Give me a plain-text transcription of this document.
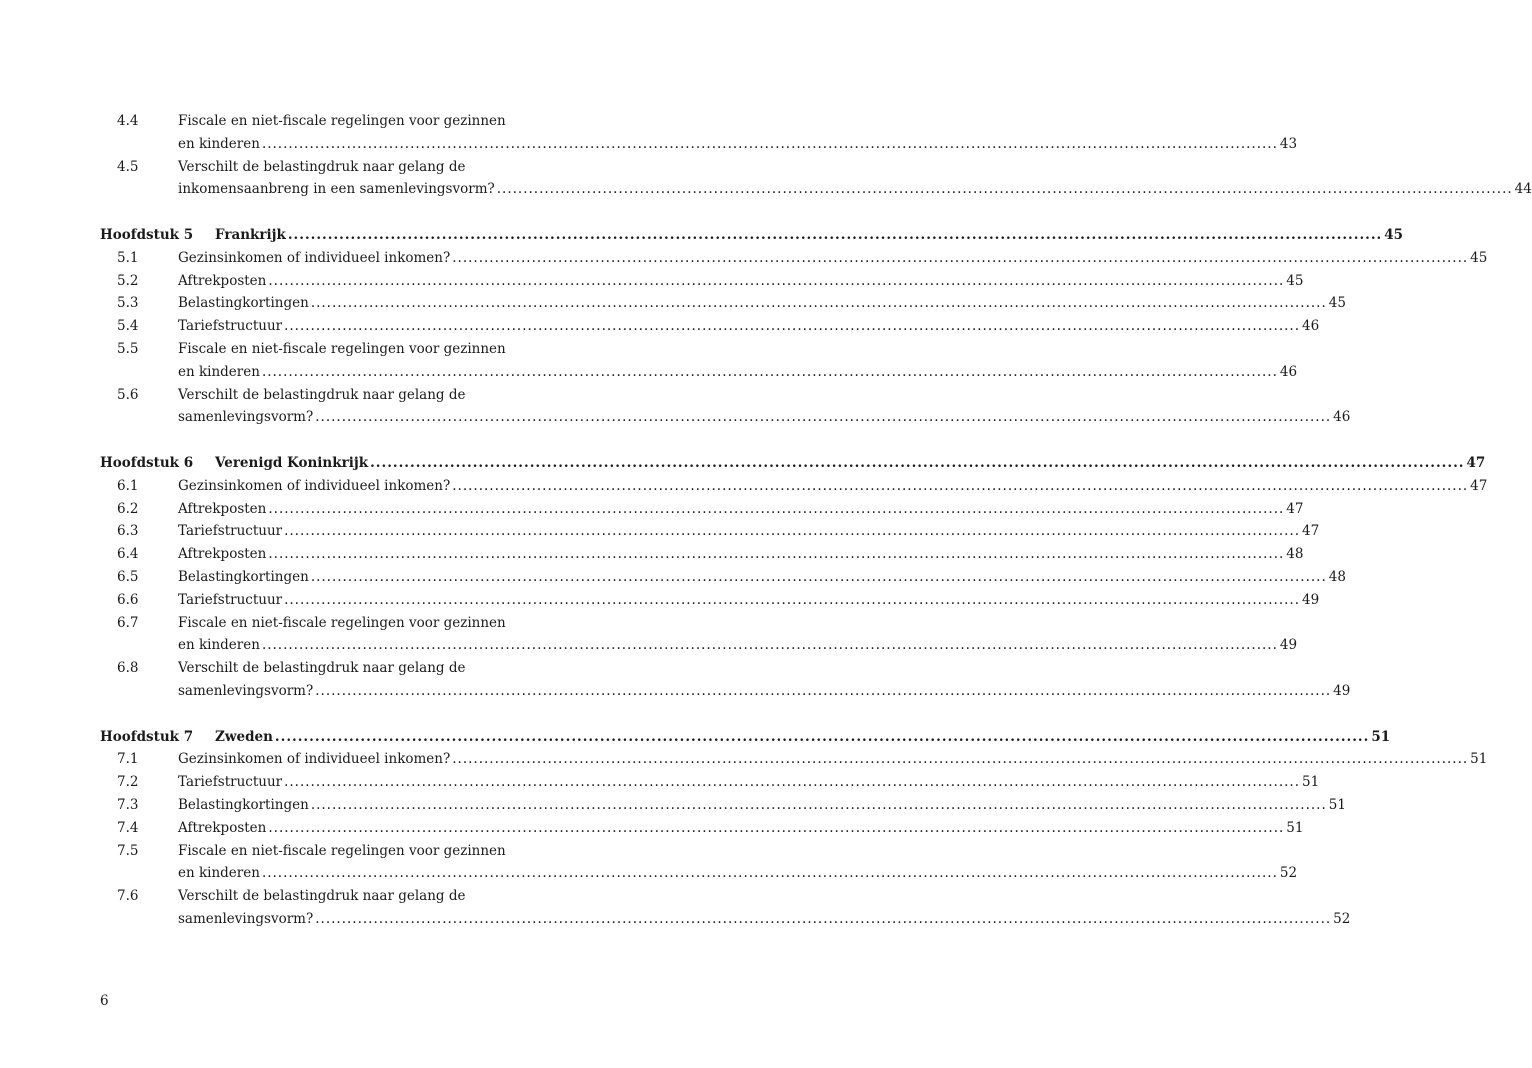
4.4	Fiscale en niet-fiscale regelingen voor gezinnen
en kinderen .....	43
4.5	Verschilt de belastingdruk naar gelang de
inkomensaanbreng in een samenlevingsvorm? .....	44
Hoofdstuk 5	Frankrijk .....	45
5.1	Gezinsinkomen of individueel inkomen? .....	45
5.2	Aftrekposten .....	45
5.3	Belastingkortingen .....	45
5.4	Tariefstructuur .....	46
5.5	Fiscale en niet-fiscale regelingen voor gezinnen
en kinderen .....	46
5.6	Verschilt de belastingdruk naar gelang de
samenlevingsvorm? .....	46
Hoofdstuk 6	Verenigd Koninkrijk .....	47
6.1	Gezinsinkomen of individueel inkomen? .....	47
6.2	Aftrekposten .....	47
6.3	Tariefstructuur .....	47
6.4	Aftrekposten .....	48
6.5	Belastingkortingen .....	48
6.6	Tariefstructuur .....	49
6.7	Fiscale en niet-fiscale regelingen voor gezinnen
en kinderen .....	49
6.8	Verschilt de belastingdruk naar gelang de
samenlevingsvorm? .....	49
Hoofdstuk 7	Zweden .....	51
7.1	Gezinsinkomen of individueel inkomen? .....	51
7.2	Tariefstructuur .....	51
7.3	Belastingkortingen .....	51
7.4	Aftrekposten .....	51
7.5	Fiscale en niet-fiscale regelingen voor gezinnen
en kinderen .....	52
7.6	Verschilt de belastingdruk naar gelang de
samenlevingsvorm? .....	52
6
